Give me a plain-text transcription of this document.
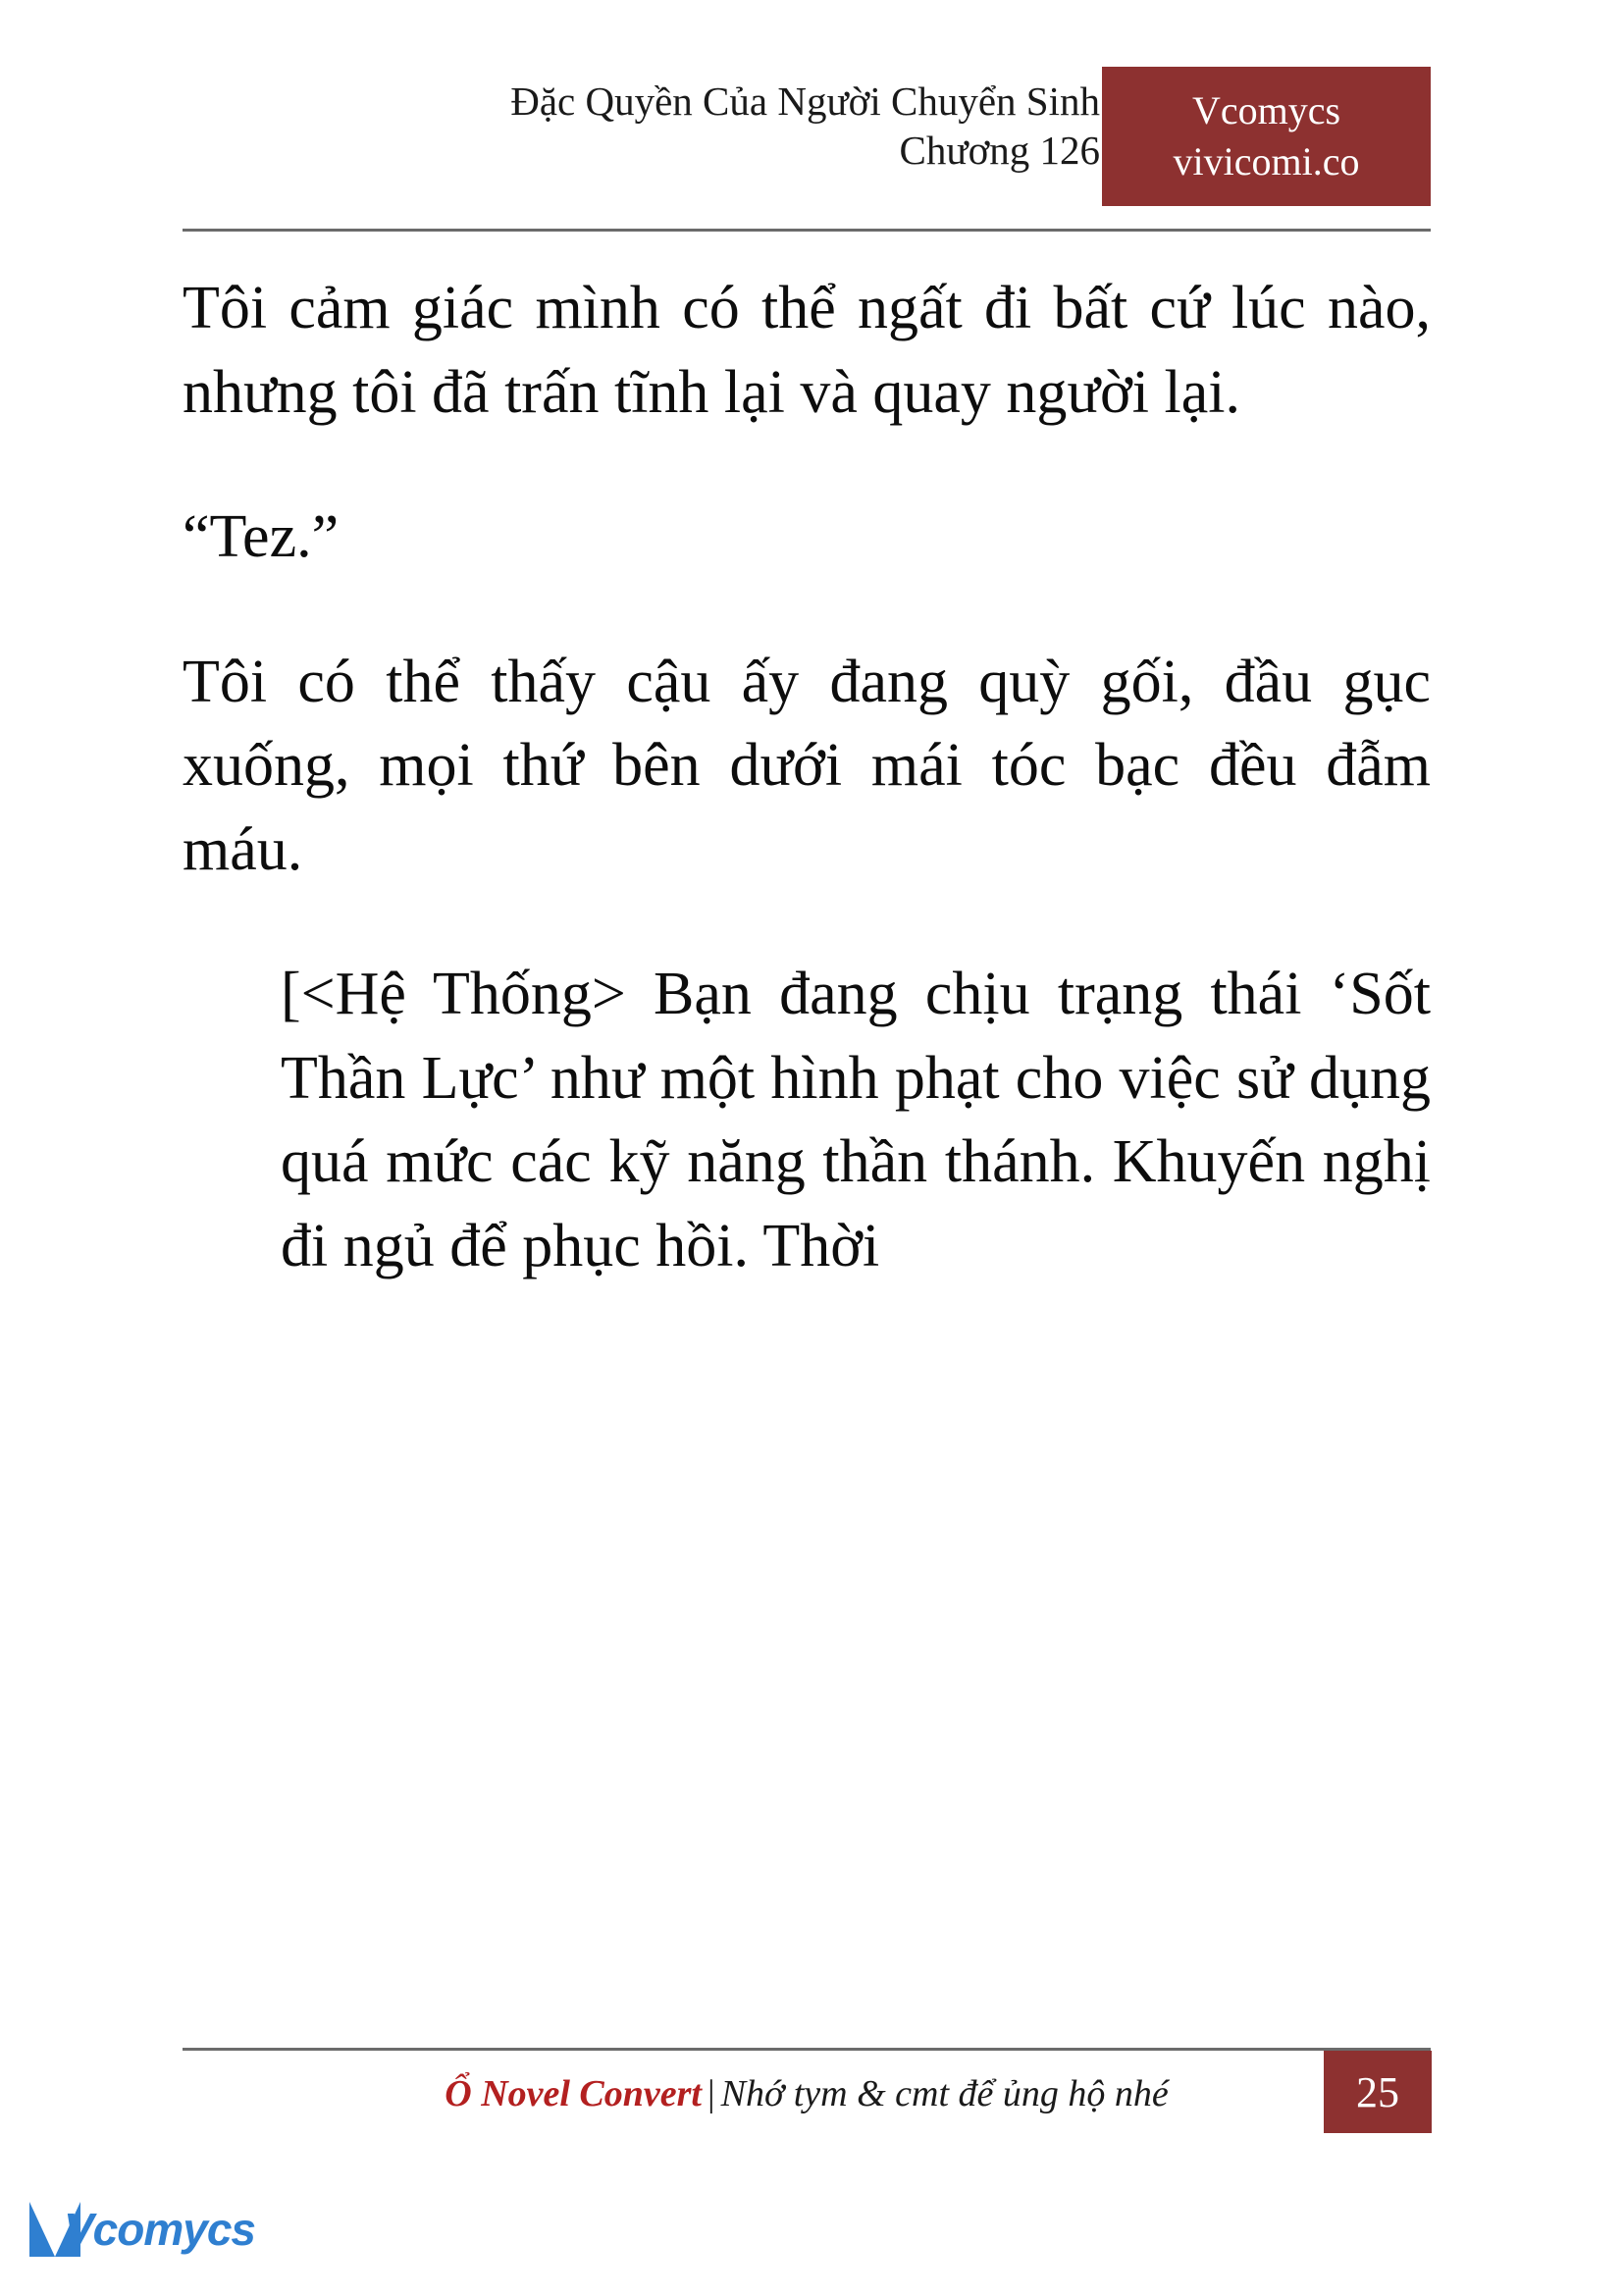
Đặc Quyền Của Người Chuyển Sinh
Chương 126
Vcomycs
vivicomi.co

Tôi cảm giác mình có thể ngất đi bất cứ lúc nào, nhưng tôi đã trấn tĩnh lại và quay người lại.

“Tez.”

Tôi có thể thấy cậu ấy đang quỳ gối, đầu gục xuống, mọi thứ bên dưới mái tóc bạc đều đẫm máu.

[<Hệ Thống> Bạn đang chịu trạng thái ‘Sốt Thần Lực’ như một hình phạt cho việc sử dụng quá mức các kỹ năng thần thánh. Khuyến nghị đi ngủ để phục hồi. Thời

Ổ Novel Convert | Nhớ tym & cmt để ủng hộ nhé	25
Vcomycs
